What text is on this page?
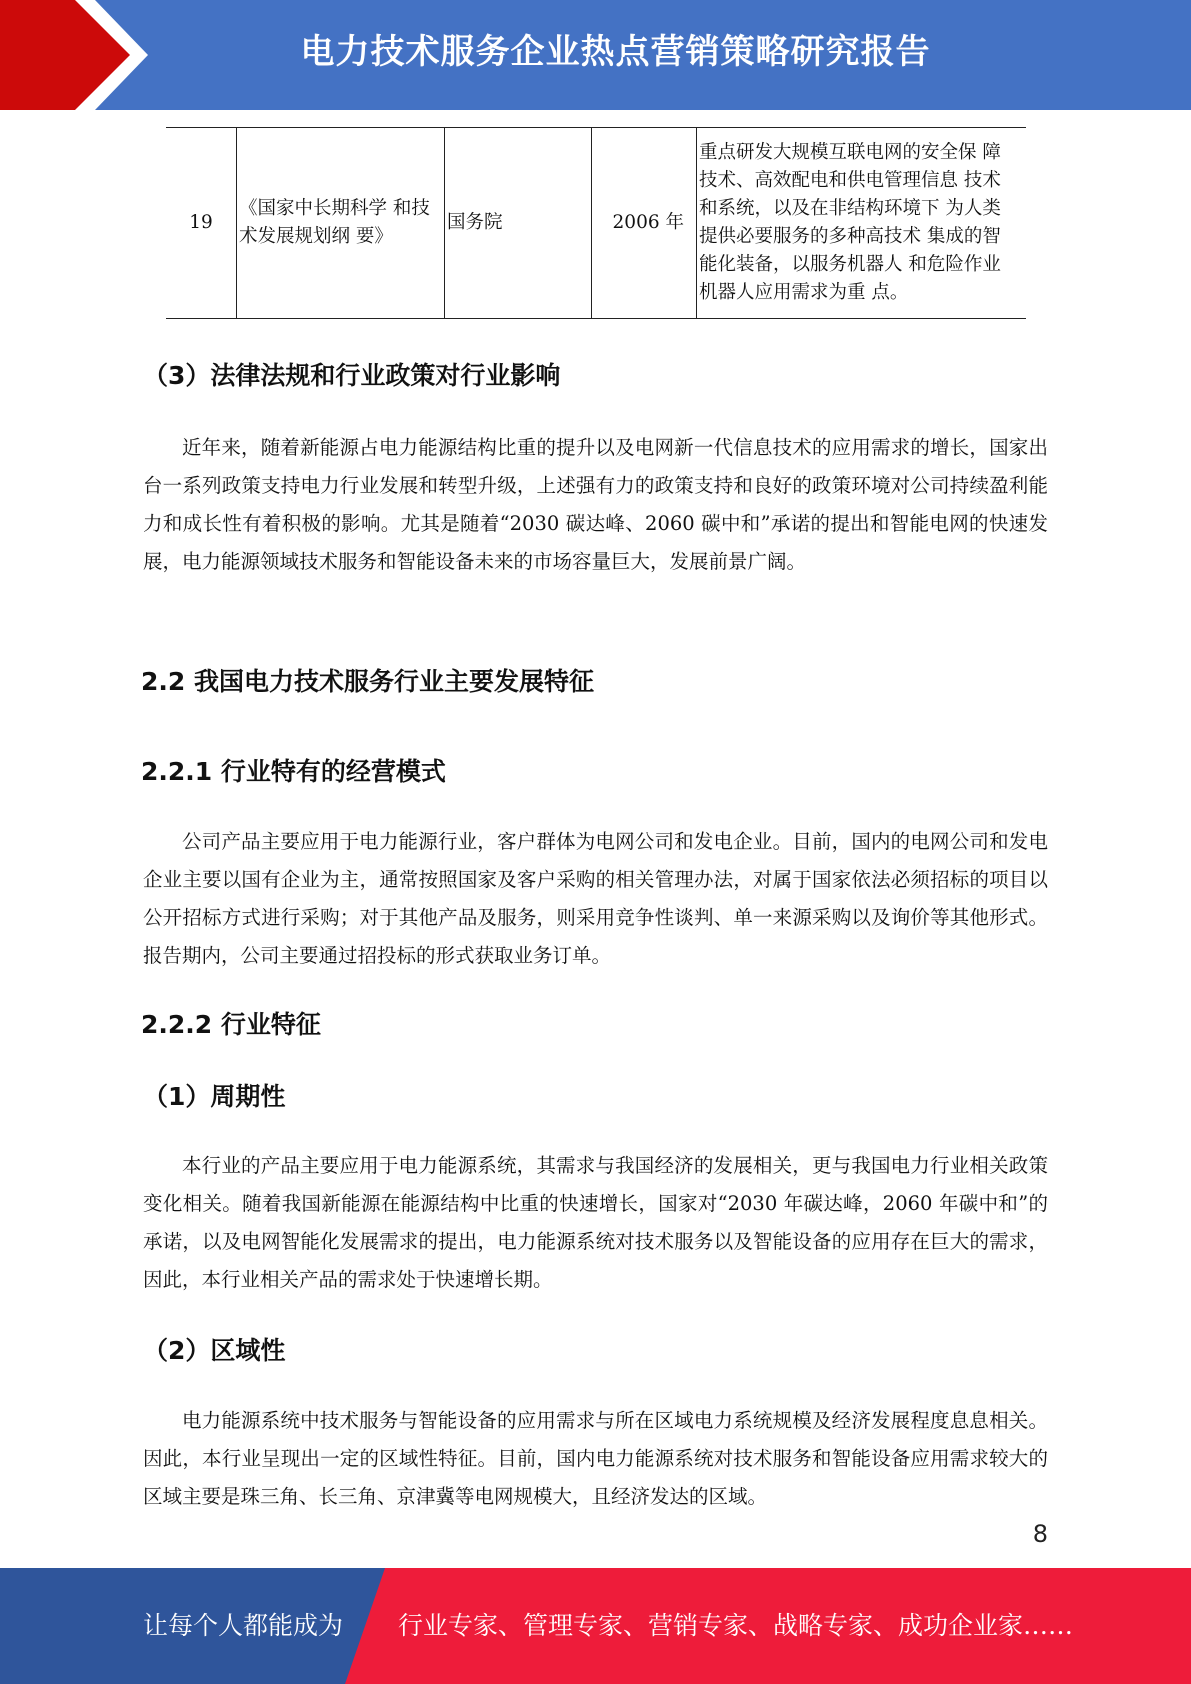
电力技术服务企业热点营销策略研究报告
19	《国家中长期科学 和技术发展规划纲 要》	国务院	2006 年	重点研发大规模互联电网的安全保 障技术、高效配电和供电管理信息 技术和系统，以及在非结构环境下 为人类提供必要服务的多种高技术 集成的智能化装备，以服务机器人 和危险作业机器人应用需求为重 点。
（3）法律法规和行业政策对行业影响
近年来，随着新能源占电力能源结构比重的提升以及电网新一代信息技术的应用需求的增长，国家出台一系列政策支持电力行业发展和转型升级，上述强有力的政策支持和良好的政策环境对公司持续盈利能力和成长性有着积极的影响。尤其是随着“2030 碳达峰、2060 碳中和”承诺的提出和智能电网的快速发展，电力能源领域技术服务和智能设备未来的市场容量巨大，发展前景广阔。
2.2 我国电力技术服务行业主要发展特征
2.2.1 行业特有的经营模式
公司产品主要应用于电力能源行业，客户群体为电网公司和发电企业。目前，国内的电网公司和发电企业主要以国有企业为主，通常按照国家及客户采购的相关管理办法，对属于国家依法必须招标的项目以公开招标方式进行采购；对于其他产品及服务，则采用竞争性谈判、单一来源采购以及询价等其他形式。报告期内，公司主要通过招投标的形式获取业务订单。
2.2.2 行业特征
（1）周期性
本行业的产品主要应用于电力能源系统，其需求与我国经济的发展相关，更与我国电力行业相关政策变化相关。随着我国新能源在能源结构中比重的快速增长，国家对“2030 年碳达峰，2060 年碳中和”的承诺，以及电网智能化发展需求的提出，电力能源系统对技术服务以及智能设备的应用存在巨大的需求，因此，本行业相关产品的需求处于快速增长期。
（2）区域性
电力能源系统中技术服务与智能设备的应用需求与所在区域电力系统规模及经济发展程度息息相关。因此，本行业呈现出一定的区域性特征。目前，国内电力能源系统对技术服务和智能设备应用需求较大的区域主要是珠三角、长三角、京津冀等电网规模大，且经济发达的区域。
8
让每个人都能成为 行业专家、管理专家、营销专家、战略专家、成功企业家……
